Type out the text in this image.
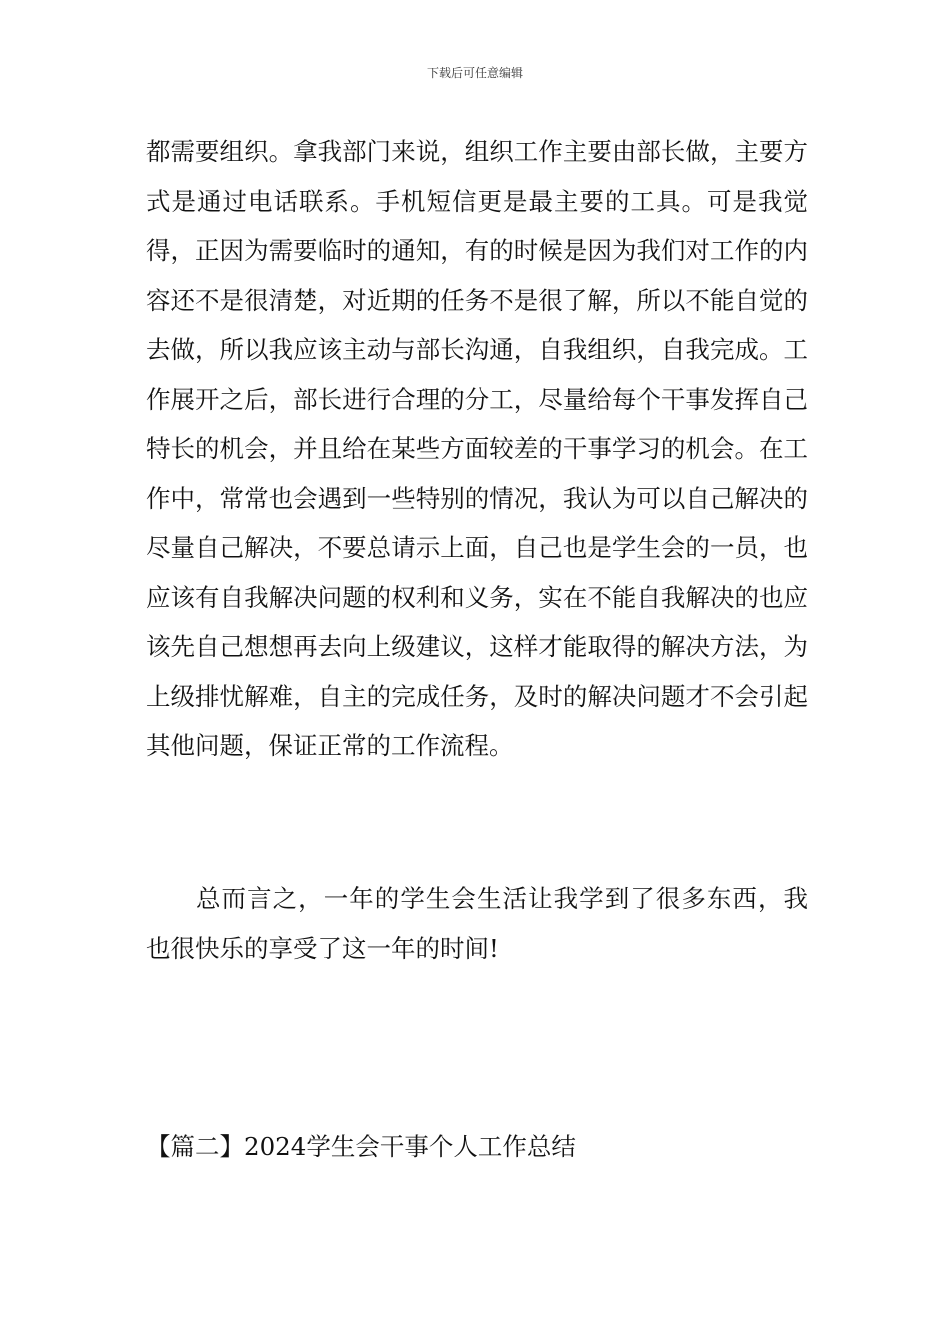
下载后可任意编辑

都需要组织。拿我部门来说，组织工作主要由部长做，主要方式是通过电话联系。手机短信更是最主要的工具。可是我觉得，正因为需要临时的通知，有的时候是因为我们对工作的内容还不是很清楚，对近期的任务不是很了解，所以不能自觉的去做，所以我应该主动与部长沟通，自我组织，自我完成。工作展开之后，部长进行合理的分工，尽量给每个干事发挥自己特长的机会，并且给在某些方面较差的干事学习的机会。在工作中，常常也会遇到一些特别的情况，我认为可以自己解决的尽量自己解决，不要总请示上面，自己也是学生会的一员，也应该有自我解决问题的权利和义务，实在不能自我解决的也应该先自己想想再去向上级建议，这样才能取得的解决方法，为上级排忧解难，自主的完成任务，及时的解决问题才不会引起其他问题，保证正常的工作流程。

总而言之，一年的学生会生活让我学到了很多东西，我也很快乐的享受了这一年的时间!

【篇二】2024学生会干事个人工作总结
